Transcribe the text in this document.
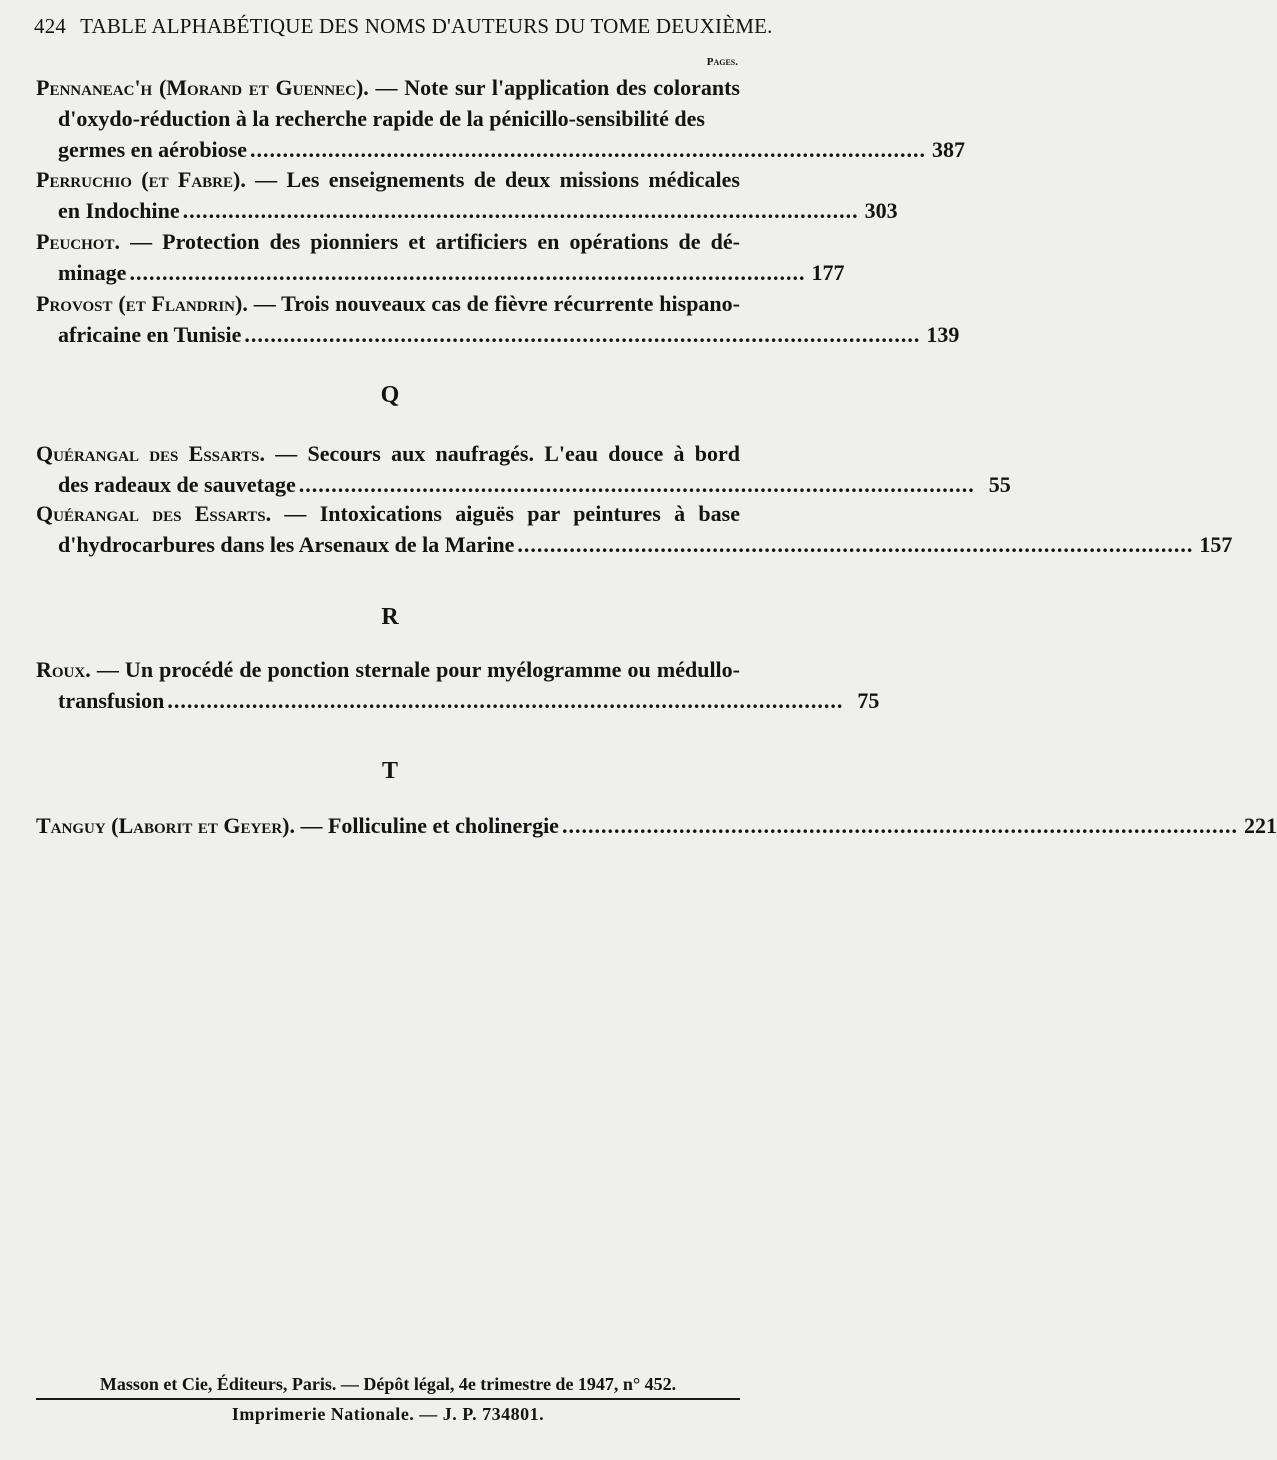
424 TABLE ALPHABÉTIQUE DES NOMS D'AUTEURS DU TOME DEUXIÈME.
Pages.
Pennaneac'h (Morand et Guennec). — Note sur l'application des colorants
d'oxydo-réduction à la recherche rapide de la pénicillo-sensibilité des
germes en aérobiose ........................................................................................................ 387
Perruchio (et Fabre). — Les enseignements de deux missions médicales
en Indochine ........................................................................................................ 303
Peuchot. — Protection des pionniers et artificiers en opérations de dé-
minage ........................................................................................................ 177
Provost (et Flandrin). — Trois nouveaux cas de fièvre récurrente hispano-
africaine en Tunisie ........................................................................................................ 139
Q
Quérangal des Essarts. — Secours aux naufragés. L'eau douce à bord
des radeaux de sauvetage ........................................................................................................ 55
Quérangal des Essarts. — Intoxications aiguës par peintures à base
d'hydrocarbures dans les Arsenaux de la Marine ........................................................................................................ 157
R
Roux. — Un procédé de ponction sternale pour myélogramme ou médullo-
transfusion ........................................................................................................ 75
T
Tanguy (Laborit et Geyer). — Folliculine et cholinergie ........................................................................................................ 221
Masson et Cie, Éditeurs, Paris. — Dépôt légal, 4e trimestre de 1947, n° 452.
Imprimerie Nationale. — J. P. 734801.
